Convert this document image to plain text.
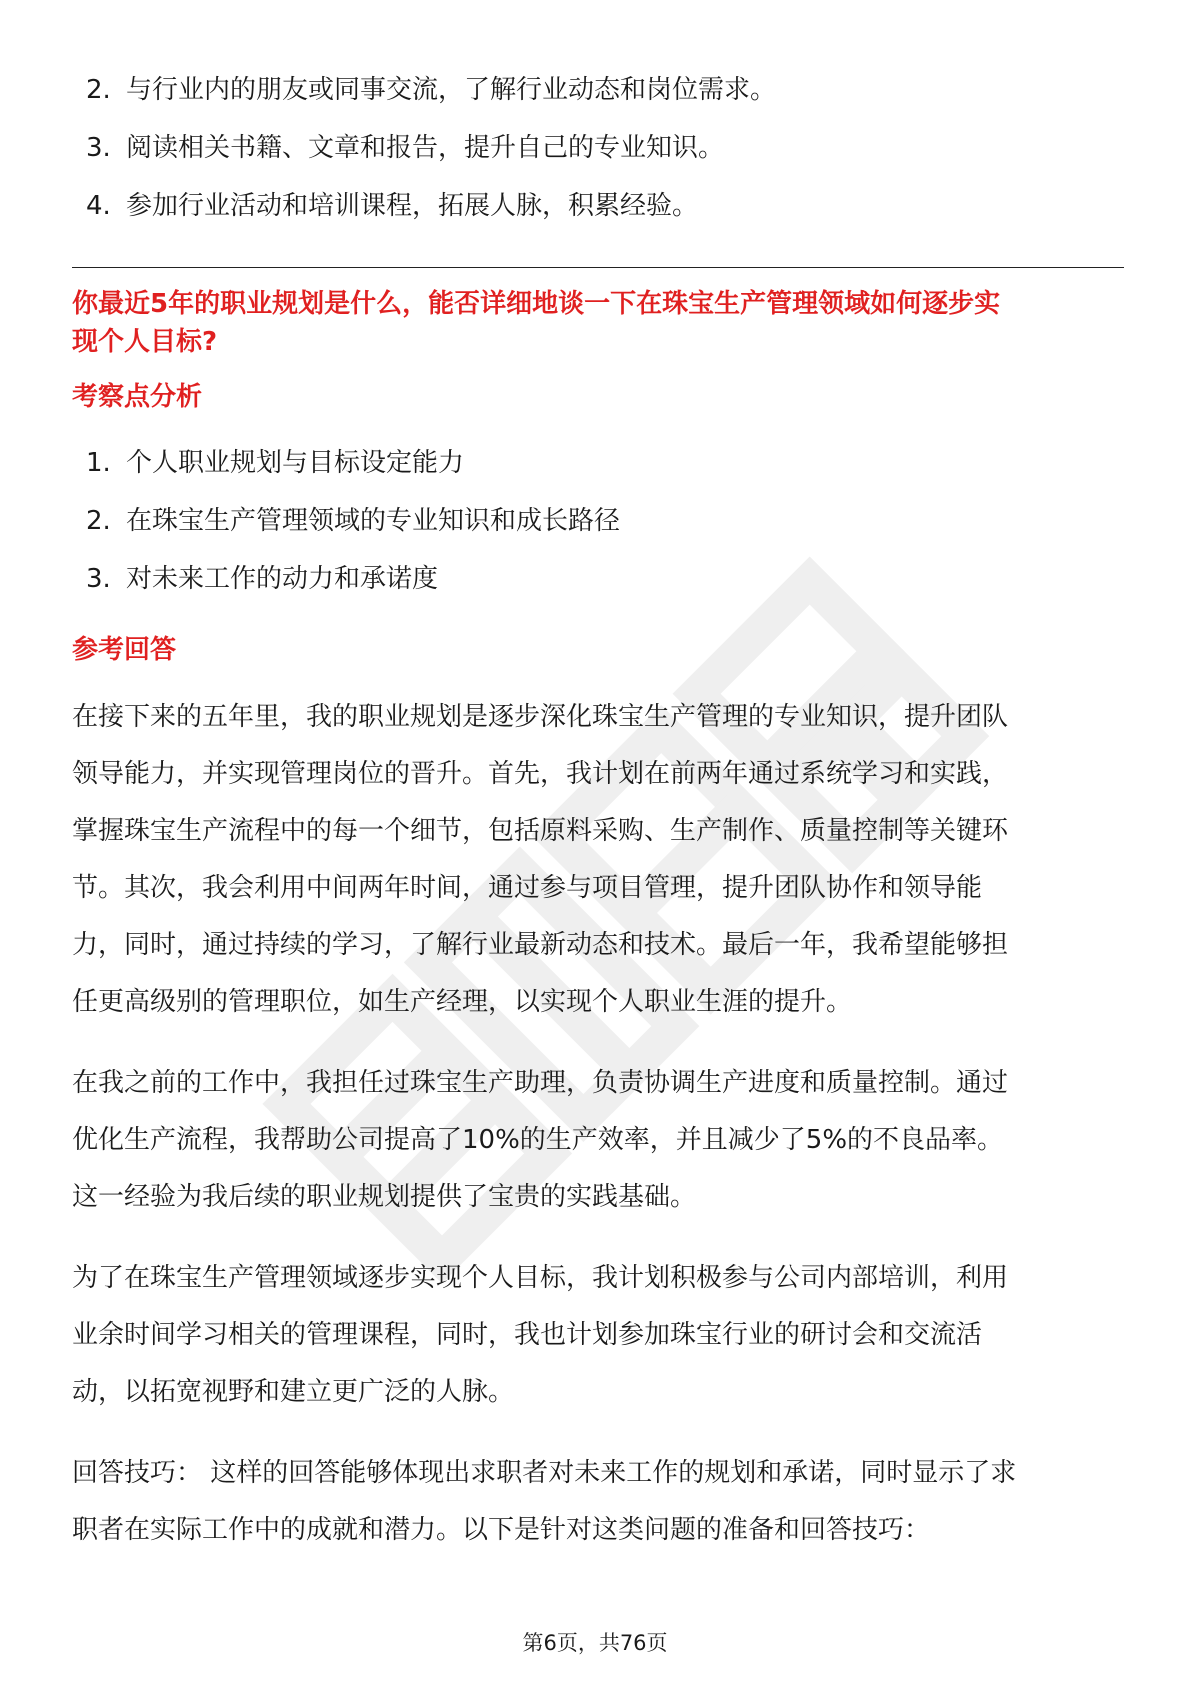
2. 与行业内的朋友或同事交流，了解行业动态和岗位需求。
3. 阅读相关书籍、文章和报告，提升自己的专业知识。
4. 参加行业活动和培训课程，拓展人脉，积累经验。
你最近5年的职业规划是什么，能否详细地谈一下在珠宝生产管理领域如何逐步实
现个人目标?
考察点分析
1. 个人职业规划与目标设定能力
2. 在珠宝生产管理领域的专业知识和成长路径
3. 对未来工作的动力和承诺度
参考回答

在接下来的五年里，我的职业规划是逐步深化珠宝生产管理的专业知识，提升团队
领导能力，并实现管理岗位的晋升。首先，我计划在前两年通过系统学习和实践，
掌握珠宝生产流程中的每一个细节，包括原料采购、生产制作、质量控制等关键环
节。其次，我会利用中间两年时间，通过参与项目管理，提升团队协作和领导能
力，同时，通过持续的学习，了解行业最新动态和技术。最后一年，我希望能够担
任更高级别的管理职位，如生产经理，以实现个人职业生涯的提升。

在我之前的工作中，我担任过珠宝生产助理，负责协调生产进度和质量控制。通过
优化生产流程，我帮助公司提高了10%的生产效率，并且减少了5%的不良品率。
这一经验为我后续的职业规划提供了宝贵的实践基础。

为了在珠宝生产管理领域逐步实现个人目标，我计划积极参与公司内部培训，利用
业余时间学习相关的管理课程，同时，我也计划参加珠宝行业的研讨会和交流活
动，以拓宽视野和建立更广泛的人脉。

回答技巧： 这样的回答能够体现出求职者对未来工作的规划和承诺，同时显示了求
职者在实际工作中的成就和潜力。以下是针对这类问题的准备和回答技巧：

第6页，共76页
